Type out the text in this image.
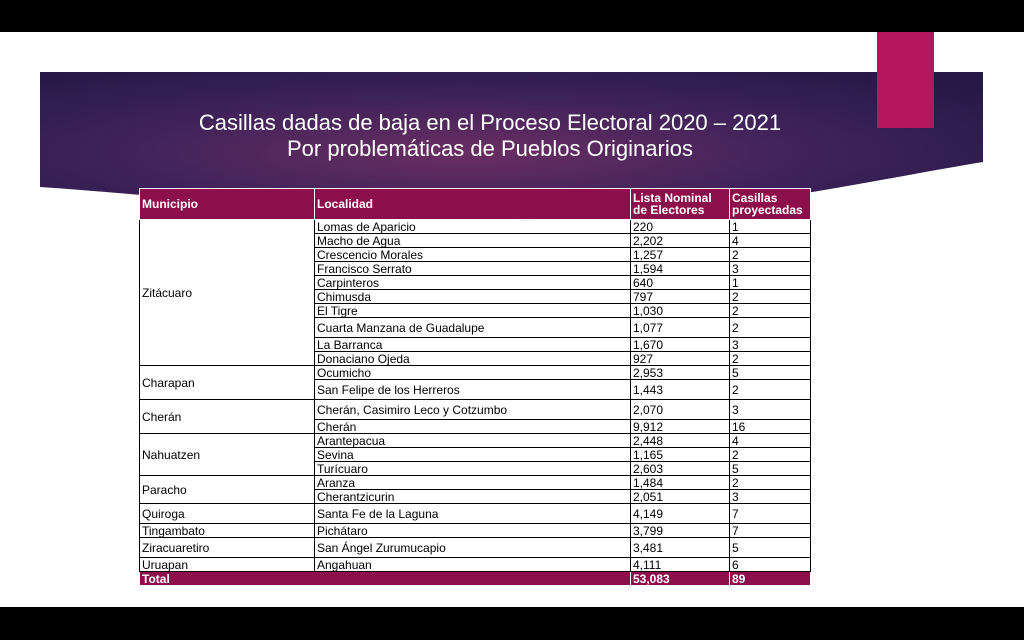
Casillas dadas de baja en el Proceso Electoral 2020 – 2021
Por problemáticas de Pueblos Originarios
Municipio	Localidad	Lista Nominal de Electores	Casillas proyectadas
Zitácuaro	Lomas de Aparicio	220	1
	Macho de Agua	2,202	4
	Crescencio Morales	1,257	2
	Francisco Serrato	1,594	3
	Carpinteros	640	1
	Chimusda	797	2
	El Tigre	1,030	2
	Cuarta Manzana de Guadalupe	1,077	2
	La Barranca	1,670	3
	Donaciano Ojeda	927	2
Charapan	Ocumicho	2,953	5
	San Felipe de los Herreros	1,443	2
Cherán	Cherán, Casimiro Leco y Cotzumbo	2,070	3
	Cherán	9,912	16
Nahuatzen	Arantepacua	2,448	4
	Sevina	1,165	2
	Turícuaro	2,603	5
Paracho	Aranza	1,484	2
	Cherantzicurin	2,051	3
Quiroga	Santa Fe de la Laguna	4,149	7
Tingambato	Pichátaro	3,799	7
Ziracuaretiro	San Ángel Zurumucapio	3,481	5
Uruapan	Angahuan	4,111	6
Total		53,083	89
